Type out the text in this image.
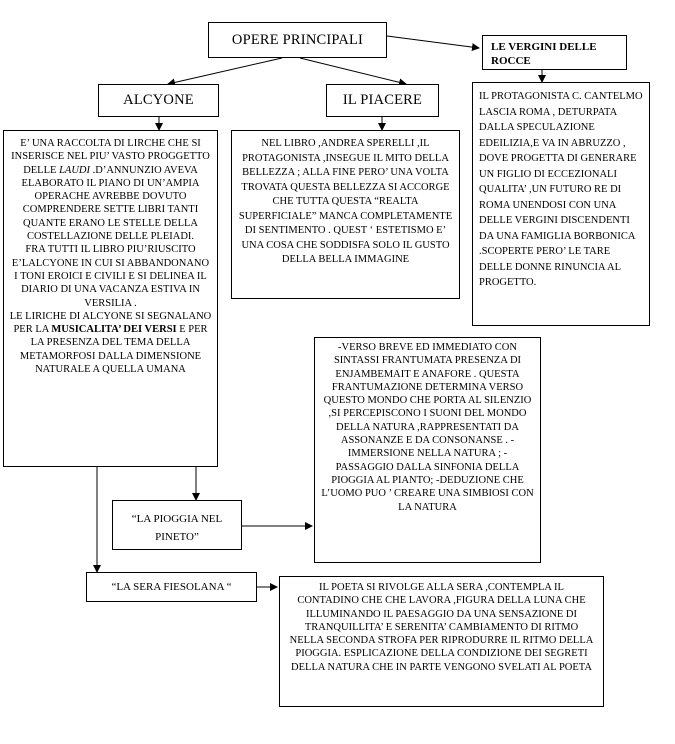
OPERE PRINCIPALI	LE VERGINI DELLE ROCCE
ALCYONE	IL PIACERE

E’ UNA RACCOLTA DI LIRCHE CHE SI INSERISCE NEL PIU’ VASTO PROGGETTO DELLE LAUDI .D’ANNUNZIO AVEVA ELABORATO IL PIANO DI UN’AMPIA OPERACHE AVREBBE DOVUTO COMPRENDERE SETTE LIBRI TANTI QUANTE ERANO LE STELLE DELLA COSTELLAZIONE DELLE PLEIADI.

FRA TUTTI IL LIBRO PIU’RIUSCITO E’LALCYONE IN CUI SI ABBANDONANO I TONI EROICI E CIVILI E SI DELINEA IL DIARIO DI UNA VACANZA ESTIVA IN VERSILIA .

LE LIRICHE DI ALCYONE SI SEGNALANO PER LA MUSICALITA’ DEI VERSI E PER LA PRESENZA DEL TEMA DELLA METAMORFOSI DALLA DIMENSIONE NATURALE A QUELLA UMANA

NEL LIBRO ,ANDREA SPERELLI ,IL PROTAGONISTA ,INSEGUE IL MITO DELLA BELLEZZA ; ALLA FINE PERO’ UNA VOLTA TROVATA QUESTA BELLEZZA SI ACCORGE CHE TUTTA QUESTA “REALTA SUPERFICIALE” MANCA COMPLETAMENTE DI SENTIMENTO . QUEST ‘ ESTETISMO E’ UNA COSA CHE SODDISFA SOLO IL GUSTO DELLA BELLA IMMAGINE
IL PROTAGONISTA C. CANTELMO LASCIA ROMA , DETURPATA DALLA SPECULAZIONE EDEILIZIA,E VA IN ABRUZZO , DOVE PROGETTA DI GENERARE UN FIGLIO DI ECCEZIONALI QUALITA’ ,UN FUTURO RE DI ROMA UNENDOSI CON UNA DELLE VERGINI DISCENDENTI DA UNA FAMIGLIA BORBONICA .SCOPERTE PERO’ LE TARE DELLE DONNE RINUNCIA AL PROGETTO.
-VERSO BREVE ED IMMEDIATO CON SINTASSI FRANTUMATA PRESENZA DI ENJAMBEMAIT E ANAFORE . QUESTA FRANTUMAZIONE DETERMINA VERSO QUESTO MONDO CHE PORTA AL SILENZIO ,SI PERCEPISCONO I SUONI DEL MONDO DELLA NATURA ,RAPPRESENTATI DA ASSONANZE E DA CONSONANSE . -IMMERSIONE NELLA NATURA ; -PASSAGGIO DALLA SINFONIA DELLA PIOGGIA AL PIANTO; -DEDUZIONE CHE L’UOMO PUO ’ CREARE UNA SIMBIOSI CON LA NATURA
“LA PIOGGIA NEL PINETO”
“LA SERA FIESOLANA “	IL POETA SI RIVOLGE ALLA SERA ,CONTEMPLA IL CONTADINO CHE CHE LAVORA ,FIGURA DELLA LUNA CHE ILLUMINANDO IL PAESAGGIO DA UNA SENSAZIONE DI TRANQUILLITA’ E SERENITA’ CAMBIAMENTO DI RITMO NELLA SECONDA STROFA PER RIPRODURRE IL RITMO DELLA PIOGGIA. ESPLICAZIONE DELLA CONDIZIONE DEI SEGRETI DELLA NATURA CHE IN PARTE VENGONO SVELATI AL POETA
